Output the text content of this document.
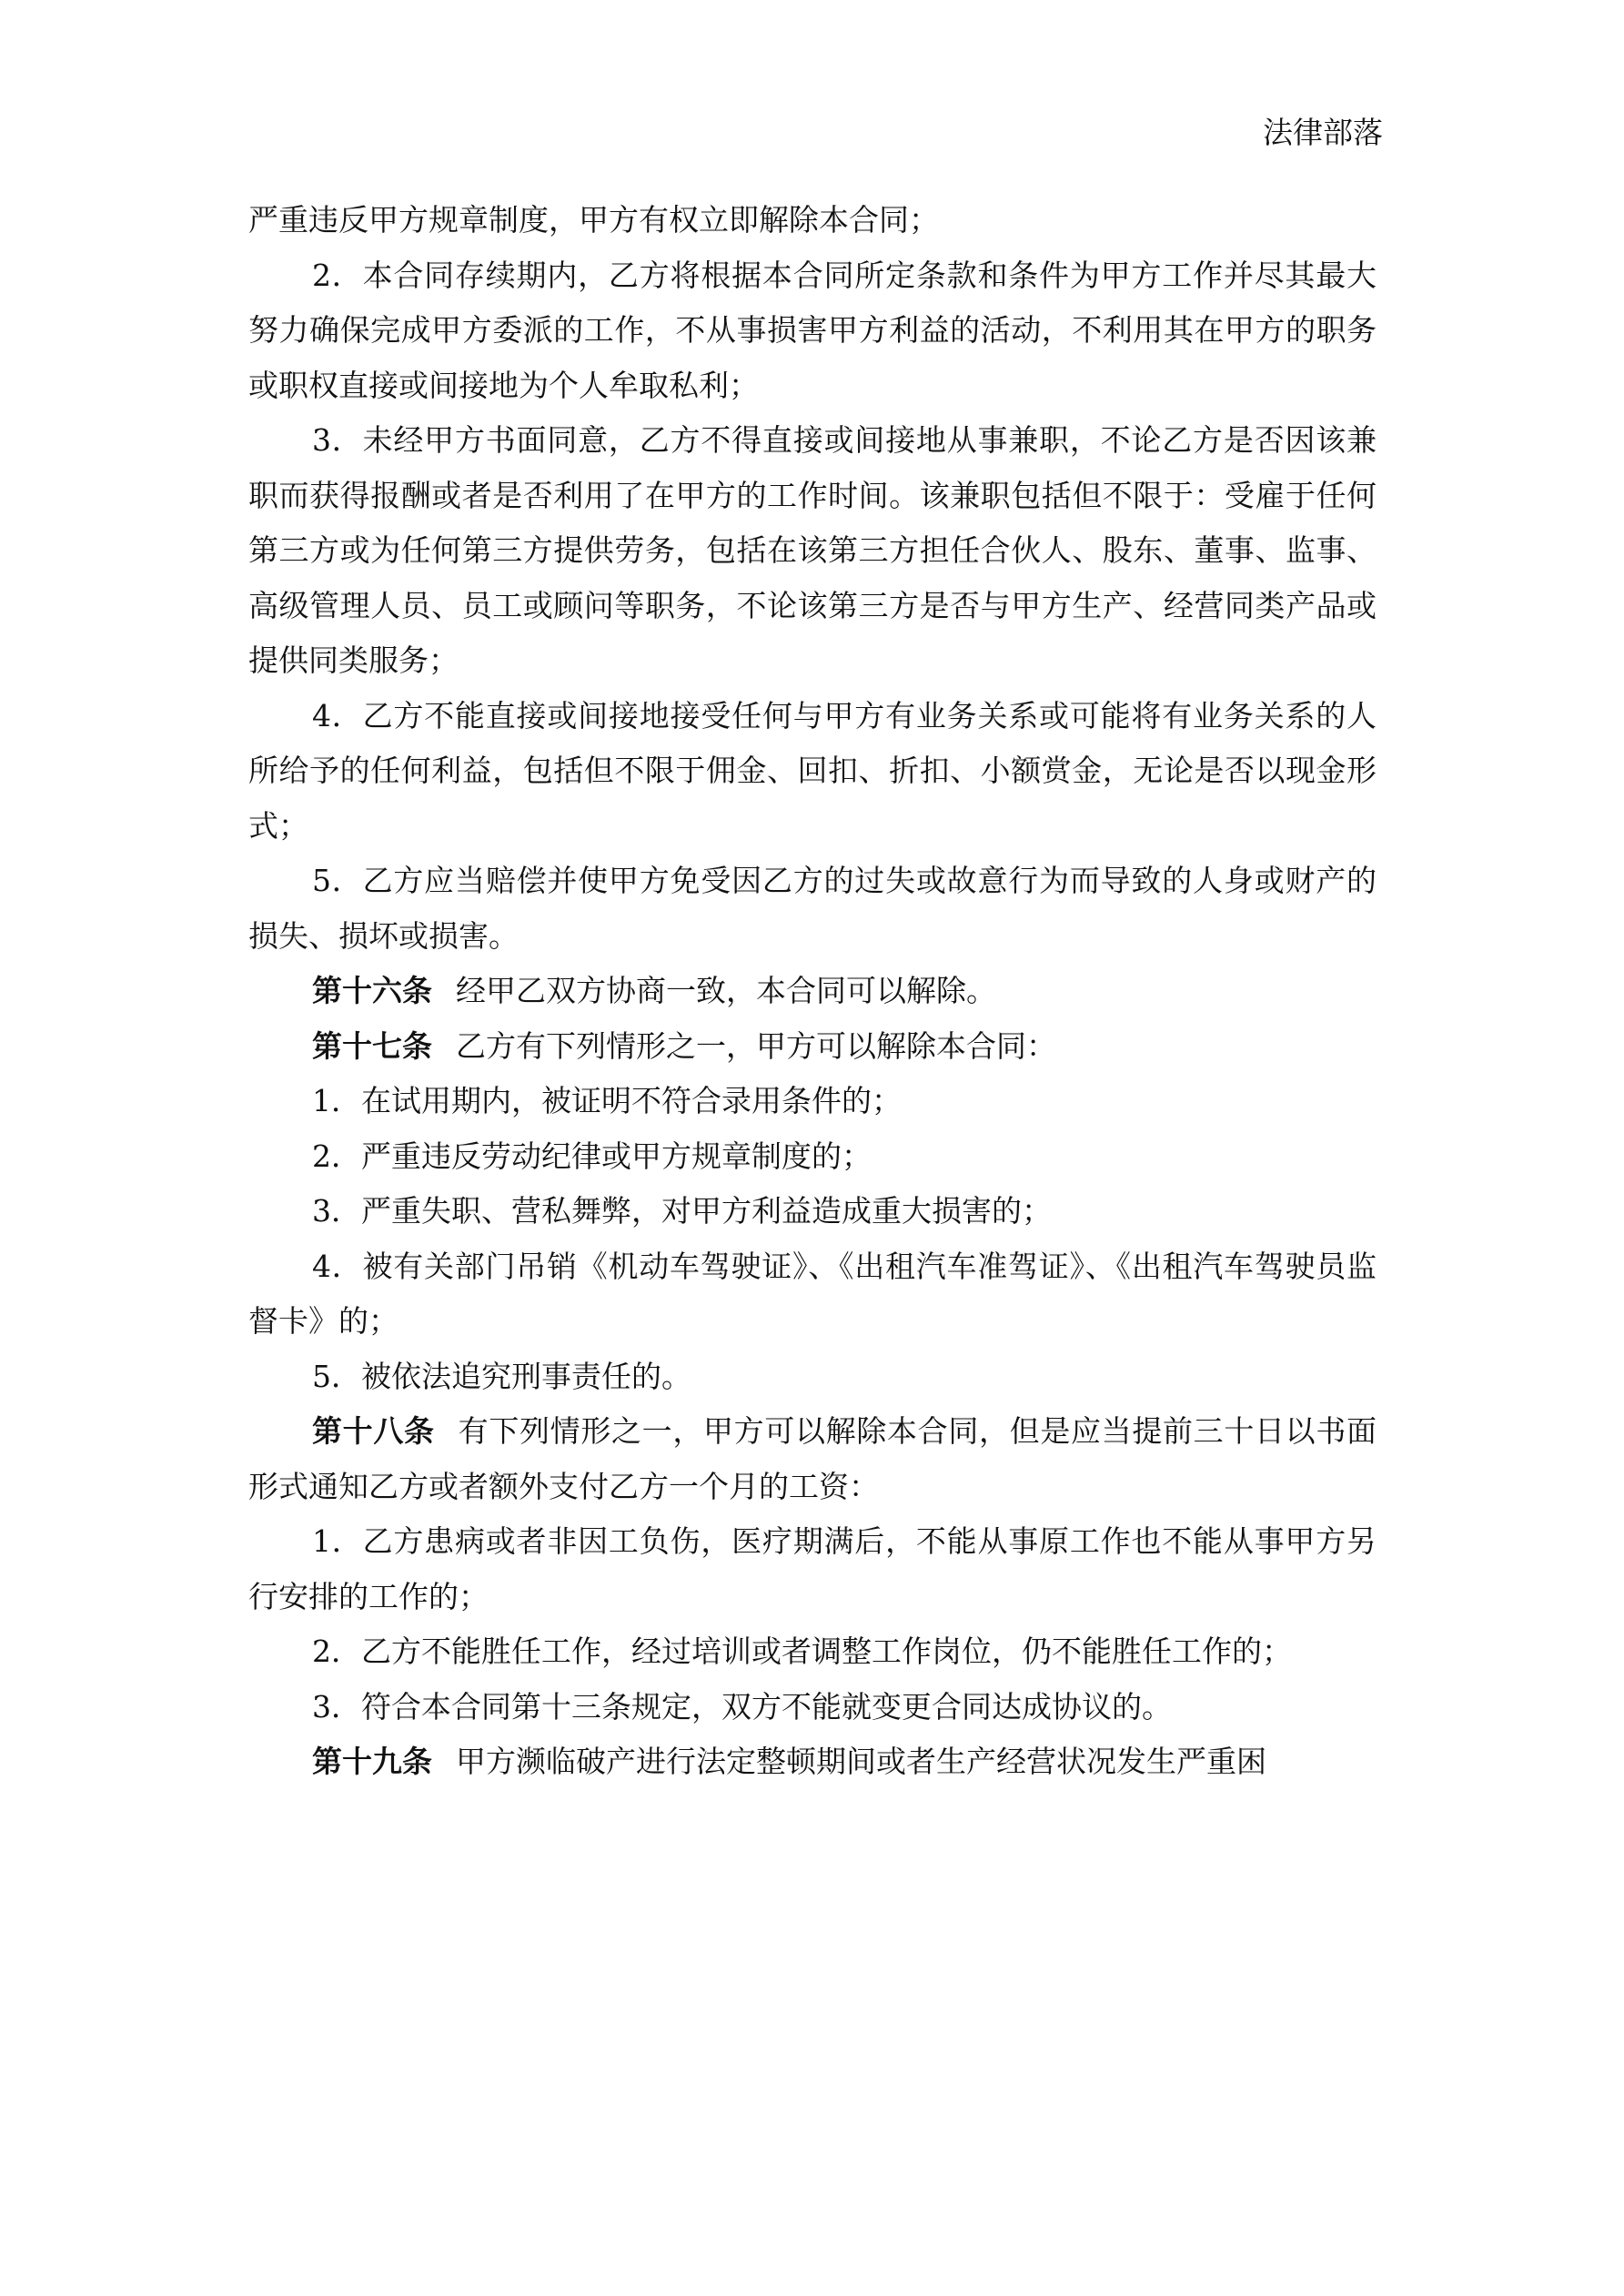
法律部落

严重违反甲方规章制度，甲方有权立即解除本合同；

2．本合同存续期内，乙方将根据本合同所定条款和条件为甲方工作并尽其最大努力确保完成甲方委派的工作，不从事损害甲方利益的活动，不利用其在甲方的职务或职权直接或间接地为个人牟取私利；

3．未经甲方书面同意，乙方不得直接或间接地从事兼职，不论乙方是否因该兼职而获得报酬或者是否利用了在甲方的工作时间。该兼职包括但不限于：受雇于任何第三方或为任何第三方提供劳务，包括在该第三方担任合伙人、股东、董事、监事、高级管理人员、员工或顾问等职务，不论该第三方是否与甲方生产、经营同类产品或提供同类服务；

4．乙方不能直接或间接地接受任何与甲方有业务关系或可能将有业务关系的人所给予的任何利益，包括但不限于佣金、回扣、折扣、小额赏金，无论是否以现金形式；

5．乙方应当赔偿并使甲方免受因乙方的过失或故意行为而导致的人身或财产的损失、损坏或损害。

第十六条 经甲乙双方协商一致，本合同可以解除。

第十七条 乙方有下列情形之一，甲方可以解除本合同：

1．在试用期内，被证明不符合录用条件的；

2．严重违反劳动纪律或甲方规章制度的；

3．严重失职、营私舞弊，对甲方利益造成重大损害的；

4．被有关部门吊销《机动车驾驶证》、《出租汽车准驾证》、《出租汽车驾驶员监督卡》的；

5．被依法追究刑事责任的。

第十八条 有下列情形之一，甲方可以解除本合同，但是应当提前三十日以书面形式通知乙方或者额外支付乙方一个月的工资：

1．乙方患病或者非因工负伤，医疗期满后，不能从事原工作也不能从事甲方另行安排的工作的；

2．乙方不能胜任工作，经过培训或者调整工作岗位，仍不能胜任工作的；

3．符合本合同第十三条规定，双方不能就变更合同达成协议的。

第十九条 甲方濒临破产进行法定整顿期间或者生产经营状况发生严重困
